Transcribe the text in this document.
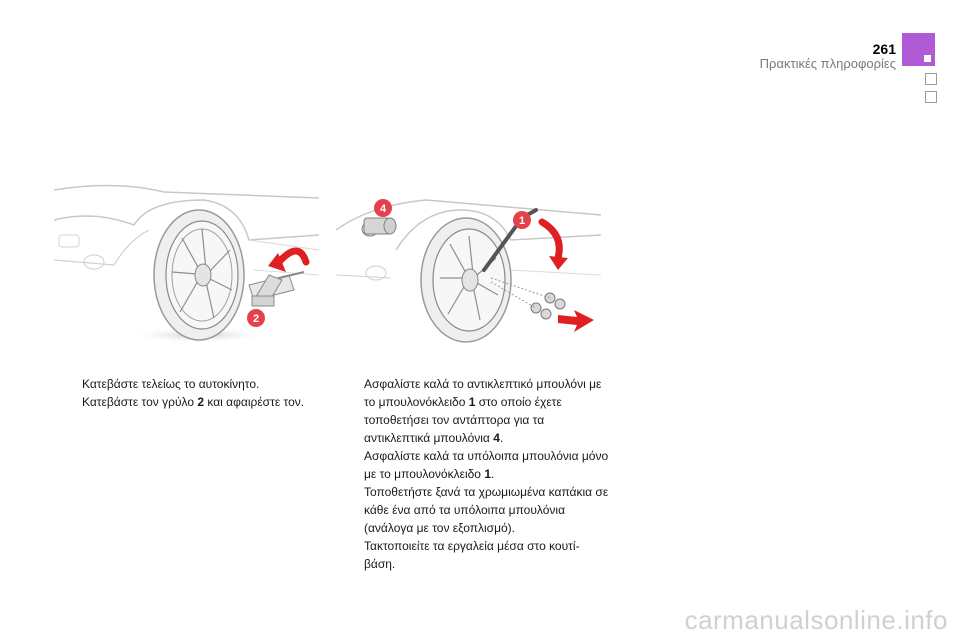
261
Πρακτικές πληροφορίες
2
4
1
Κατεβάστε τελείως το αυτοκίνητο.
Κατεβάστε τον γρύλο 2 και αφαιρέστε τον.
Ασφαλίστε καλά το αντικλεπτικό μπουλόνι με το μπουλονόκλειδο 1 στο οποίο έχετε τοποθετήσει τον αντάπτορα για τα αντικλεπτικά μπουλόνια 4.
Ασφαλίστε καλά τα υπόλοιπα μπουλόνια μόνο με το μπουλονόκλειδο 1.
Τοποθετήστε ξανά τα χρωμιωμένα καπάκια σε κάθε ένα από τα υπόλοιπα μπουλόνια (ανάλογα με τον εξοπλισμό).
Τακτοποιείτε τα εργαλεία μέσα στο κουτί-βάση.
carmanualsonline.info
